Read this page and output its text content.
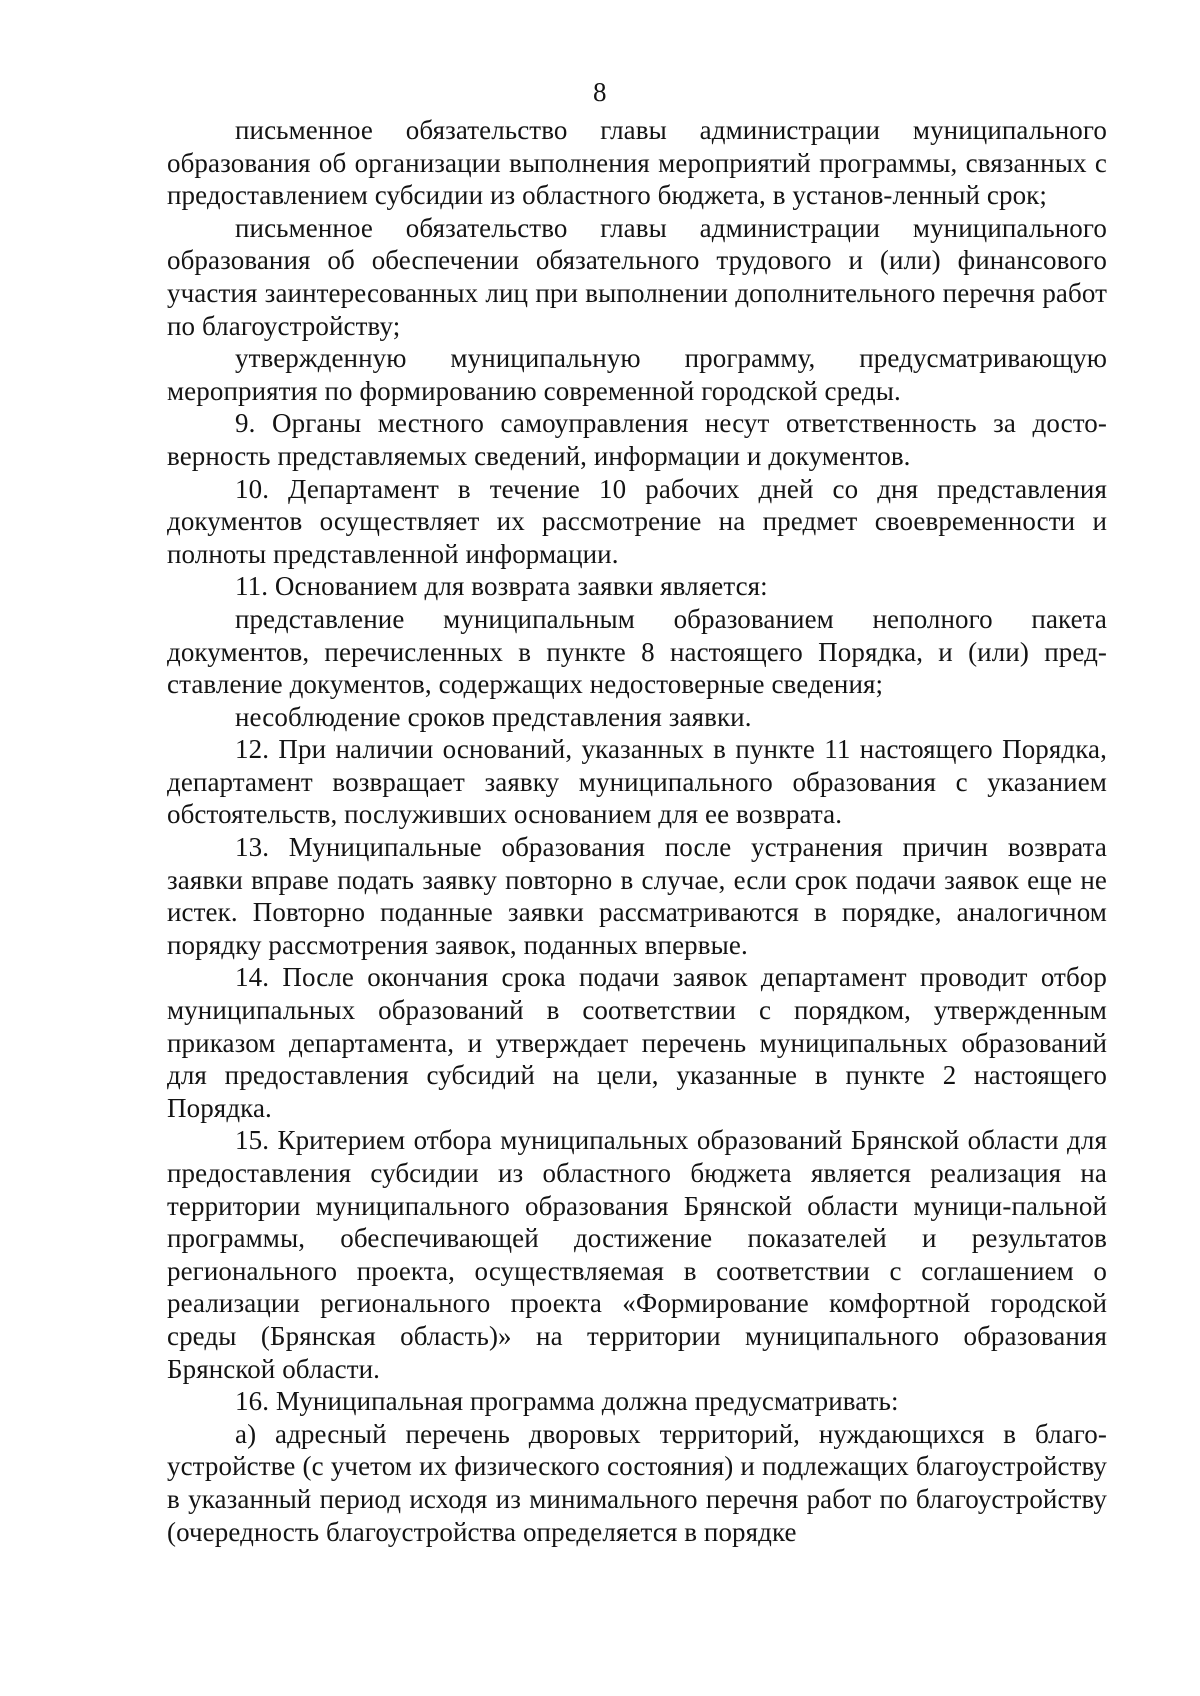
8

письменное обязательство главы администрации муниципального образования об организации выполнения мероприятий программы, связанных с предоставлением субсидии из областного бюджета, в установ-ленный срок;

письменное обязательство главы администрации муниципального образования об обеспечении обязательного трудового и (или) финансового участия заинтересованных лиц при выполнении дополнительного перечня работ по благоустройству;

утвержденную муниципальную программу, предусматривающую мероприятия по формированию современной городской среды.

9. Органы местного самоуправления несут ответственность за досто-верность представляемых сведений, информации и документов.

10. Департамент в течение 10 рабочих дней со дня представления документов осуществляет их рассмотрение на предмет своевременности и полноты представленной информации.

11. Основанием для возврата заявки является:

представление муниципальным образованием неполного пакета документов, перечисленных в пункте 8 настоящего Порядка, и (или) пред-ставление документов, содержащих недостоверные сведения;

несоблюдение сроков представления заявки.

12. При наличии оснований, указанных в пункте 11 настоящего Порядка, департамент возвращает заявку муниципального образования с указанием обстоятельств, послуживших основанием для ее возврата.

13. Муниципальные образования после устранения причин возврата заявки вправе подать заявку повторно в случае, если срок подачи заявок еще не истек. Повторно поданные заявки рассматриваются в порядке, аналогичном порядку рассмотрения заявок, поданных впервые.

14. После окончания срока подачи заявок департамент проводит отбор муниципальных образований в соответствии с порядком, утвержденным приказом департамента, и утверждает перечень муниципальных образований для предоставления субсидий на цели, указанные в пункте 2 настоящего Порядка.

15. Критерием отбора муниципальных образований Брянской области для предоставления субсидии из областного бюджета является реализация на территории муниципального образования Брянской области муници-пальной программы, обеспечивающей достижение показателей и результатов регионального проекта, осуществляемая в соответствии с соглашением о реализации регионального проекта «Формирование комфортной городской среды (Брянская область)» на территории муниципального образования Брянской области.

16. Муниципальная программа должна предусматривать:

а) адресный перечень дворовых территорий, нуждающихся в благо-устройстве (с учетом их физического состояния) и подлежащих благоустройству в указанный период исходя из минимального перечня работ по благоустройству (очередность благоустройства определяется в порядке
